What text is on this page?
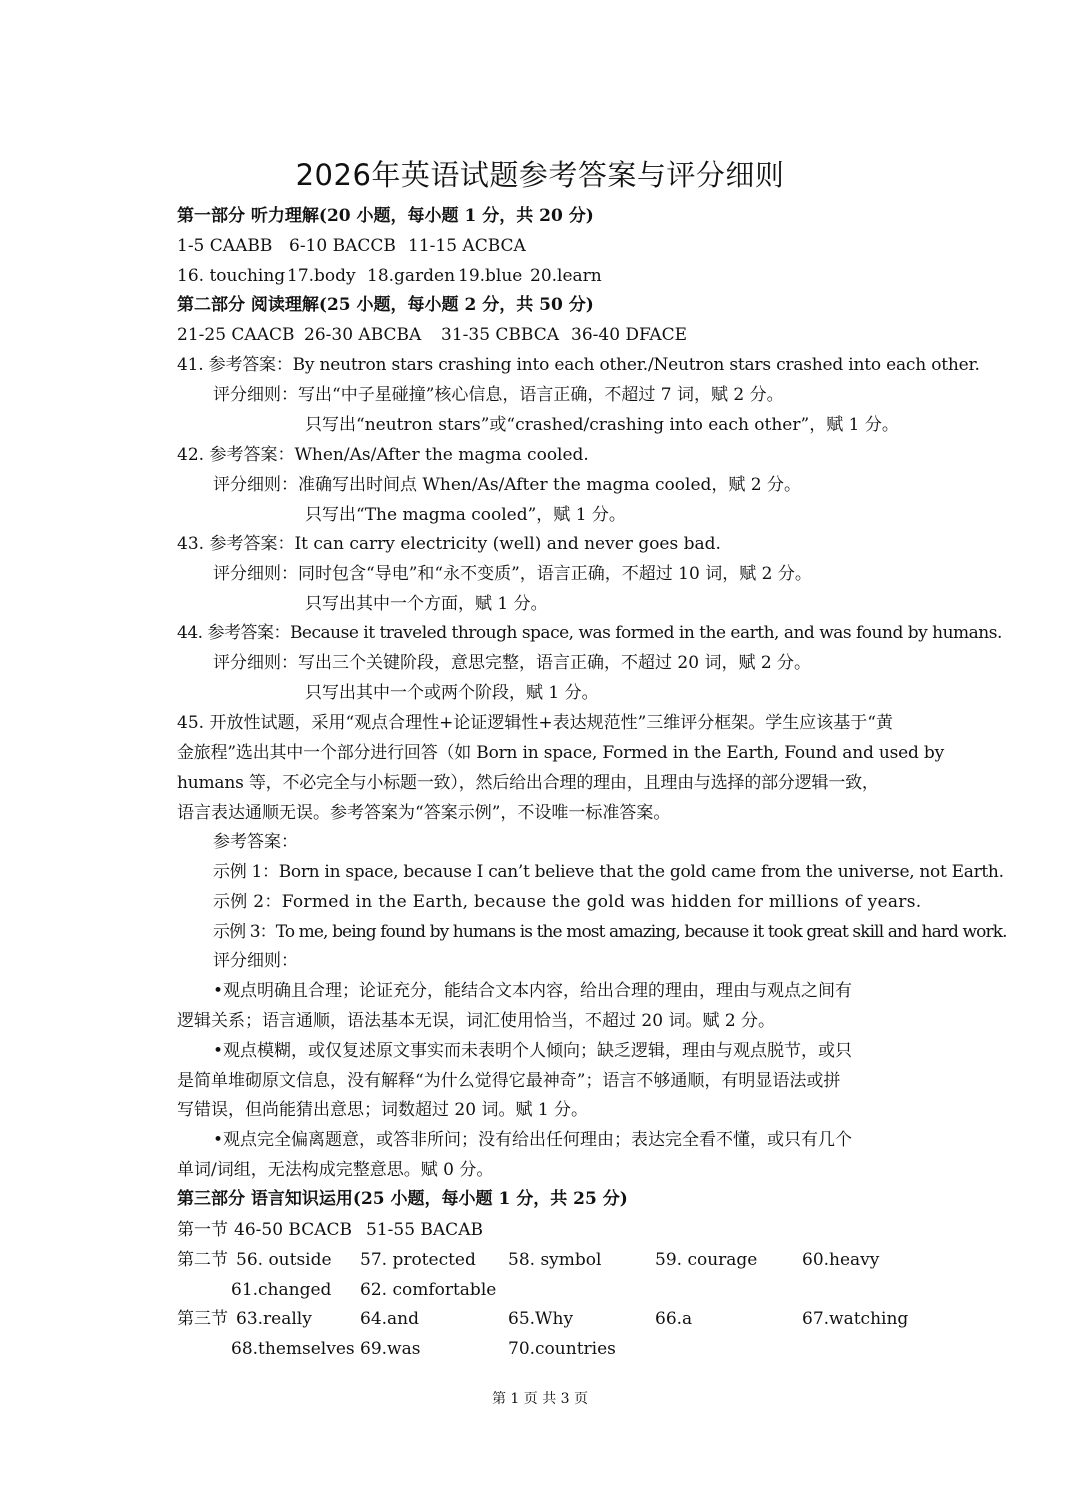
2026年英语试题参考答案与评分细则
第一部分 听力理解(20 小题，每小题 1 分，共 20 分)
1-5 CAABB 6-10 BACCB 11-15 ACBCA
16. touching 17.body 18.garden 19.blue 20.learn
第二部分 阅读理解(25 小题，每小题 2 分，共 50 分)
21-25 CAACB 26-30 ABCBA 31-35 CBBCA 36-40 DFACE
41. 参考答案：By neutron stars crashing into each other./Neutron stars crashed into each other.
评分细则：写出“中子星碰撞”核心信息，语言正确，不超过 7 词，赋 2 分。
只写出“neutron stars”或“crashed/crashing into each other”，赋 1 分。
42. 参考答案：When/As/After the magma cooled.
评分细则：准确写出时间点 When/As/After the magma cooled，赋 2 分。
只写出“The magma cooled”，赋 1 分。
43. 参考答案：It can carry electricity (well) and never goes bad.
评分细则：同时包含“导电”和“永不变质”，语言正确，不超过 10 词，赋 2 分。
只写出其中一个方面，赋 1 分。
44. 参考答案：Because it traveled through space, was formed in the earth, and was found by humans.
评分细则：写出三个关键阶段，意思完整，语言正确，不超过 20 词，赋 2 分。
只写出其中一个或两个阶段，赋 1 分。
45. 开放性试题，采用“观点合理性+论证逻辑性+表达规范性”三维评分框架。学生应该基于“黄
金旅程”选出其中一个部分进行回答（如 Born in space, Formed in the Earth, Found and used by
humans 等，不必完全与小标题一致），然后给出合理的理由，且理由与选择的部分逻辑一致，
语言表达通顺无误。参考答案为“答案示例”，不设唯一标准答案。
参考答案：
示例 1：Born in space, because I can’t believe that the gold came from the universe, not Earth.
示例 2：Formed in the Earth, because the gold was hidden for millions of years.
示例 3：To me, being found by humans is the most amazing, because it took great skill and hard work.
评分细则：
•观点明确且合理；论证充分，能结合文本内容，给出合理的理由，理由与观点之间有
逻辑关系；语言通顺，语法基本无误，词汇使用恰当，不超过 20 词。赋 2 分。
•观点模糊，或仅复述原文事实而未表明个人倾向；缺乏逻辑，理由与观点脱节，或只
是简单堆砌原文信息，没有解释“为什么觉得它最神奇”；语言不够通顺，有明显语法或拼
写错误，但尚能猜出意思；词数超过 20 词。赋 1 分。
•观点完全偏离题意，或答非所问；没有给出任何理由；表达完全看不懂，或只有几个
单词/词组，无法构成完整意思。赋 0 分。
第三部分 语言知识运用(25 小题，每小题 1 分，共 25 分)
第一节 46-50 BCACB 51-55 BACAB
第二节 56. outside 57. protected 58. symbol	59. courage	60.heavy
61.changed 62. comfortable
第三节 63.really	64.and	65.Why	66.a	67.watching
68.themselves 69.was	70.countries
第 1 页 共 3 页
